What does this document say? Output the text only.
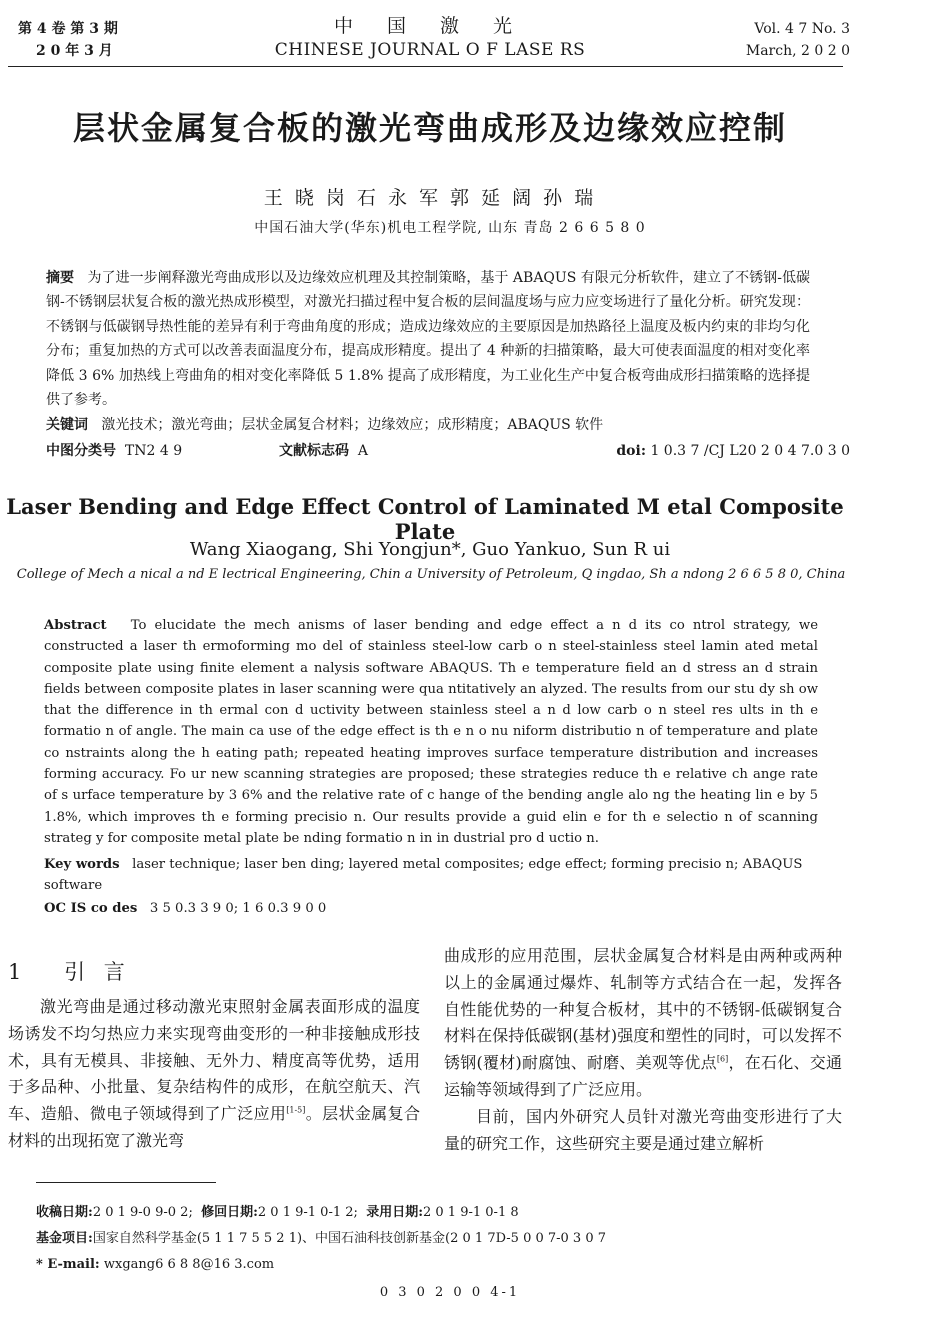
第 4 卷 第 3 期
2 0 年 3 月
中 国 激 光
CHINESE JOURNAL O F LASE RS
Vol. 4 7 No. 3
March, 2 0 2 0
层状金属复合板的激光弯曲成形及边缘效应控制
王 晓 岗 石 永 军 郭 延 阔 孙 瑞
中国石油大学(华东)机电工程学院, 山东 青岛 2 6 6 5 8 0
摘要 为了进一步阐释激光弯曲成形以及边缘效应机理及其控制策略，基于 ABAQUS 有限元分析软件，建立了不锈钢-低碳钢-不锈钢层状复合板的激光热成形模型，对激光扫描过程中复合板的层间温度场与应力应变场进行了量化分析。研究发现：不锈钢与低碳钢导热性能的差异有利于弯曲角度的形成；造成边缘效应的主要原因是加热路径上温度及板内约束的非均匀化分布；重复加热的方式可以改善表面温度分布，提高成形精度。提出了 4 种新的扫描策略，最大可使表面温度的相对变化率降低 3 6% 加热线上弯曲角的相对变化率降低 5 1.8% 提高了成形精度，为工业化生产中复合板弯曲成形扫描策略的选择提供了参考。
关键词 激光技术；激光弯曲；层状金属复合材料；边缘效应；成形精度；ABAQUS 软件
中图分类号 TN2 4 9	文献标志码 A	doi: 1 0.3 7 /CJ L20 2 0 4 7.0 3 0
Laser Bending and Edge Effect Control of Laminated M etal Composite Plate
Wang Xiaogang, Shi Yongjun*, Guo Yankuo, Sun R ui
College of Mech a nical a nd E lectrical Engineering, Chin a University of Petroleum, Q ingdao, Sh a ndong 2 6 6 5 8 0, China
Abstract To elucidate the mech anisms of laser bending and edge effect a n d its co ntrol strategy, we constructed a laser th ermoforming mo del of stainless steel-low carb o n steel-stainless steel lamin ated metal composite plate using finite element a nalysis software ABAQUS. Th e temperature field an d stress an d strain fields between composite plates in laser scanning were qua ntitatively an alyzed. The results from our stu dy sh ow that the difference in th ermal con d uctivity between stainless steel a n d low carb o n steel res ults in th e formatio n of angle. The main ca use of the edge effect is th e n o nu niform distributio n of temperature and plate co nstraints along the h eating path; repeated heating improves surface temperature distribution and increases forming accuracy. Fo ur new scanning strategies are proposed; these strategies reduce th e relative ch ange rate of s urface temperature by 3 6% and the relative rate of c hange of the bending angle alo ng the heating lin e by 5 1.8%, which improves th e forming precisio n. Our results provide a guid elin e for th e selectio n of scanning strateg y for composite metal plate be nding formatio n in in dustrial pro d uctio n.
Key words laser technique; laser ben ding; layered metal composites; edge effect; forming precisio n; ABAQUS software
OC IS co des 3 5 0.3 3 9 0; 1 6 0.3 9 0 0
1 引 言

激光弯曲是通过移动激光束照射金属表面形成的温度场诱发不均匀热应力来实现弯曲变形的一种非接触成形技术，具有无模具、非接触、无外力、精度高等优势，适用于多品种、小批量、复杂结构件的成形，在航空航天、汽车、造船、微电子领域得到了广泛应用[1-5]。层状金属复合材料的出现拓宽了激光弯

曲成形的应用范围，层状金属复合材料是由两种或两种以上的金属通过爆炸、轧制等方式结合在一起，发挥各自性能优势的一种复合板材，其中的不锈钢-低碳钢复合材料在保持低碳钢(基材)强度和塑性的同时，可以发挥不锈钢(覆材)耐腐蚀、耐磨、美观等优点[6]，在石化、交通运输等领域得到了广泛应用。

目前，国内外研究人员针对激光弯曲变形进行了大量的研究工作，这些研究主要是通过建立解析

收稿日期:2 0 1 9-0 9-0 2;  修回日期:2 0 1 9-1 0-1 2;  录用日期:2 0 1 9-1 0-1 8
基金项目:国家自然科学基金(5 1 1 7 5 5 2 1)、中国石油科技创新基金(2 0 1 7D-5 0 0 7-0 3 0 7
* E-mail: wxgang6 6 8 8@16 3.com
0 3 0 2 0 0 4-1
